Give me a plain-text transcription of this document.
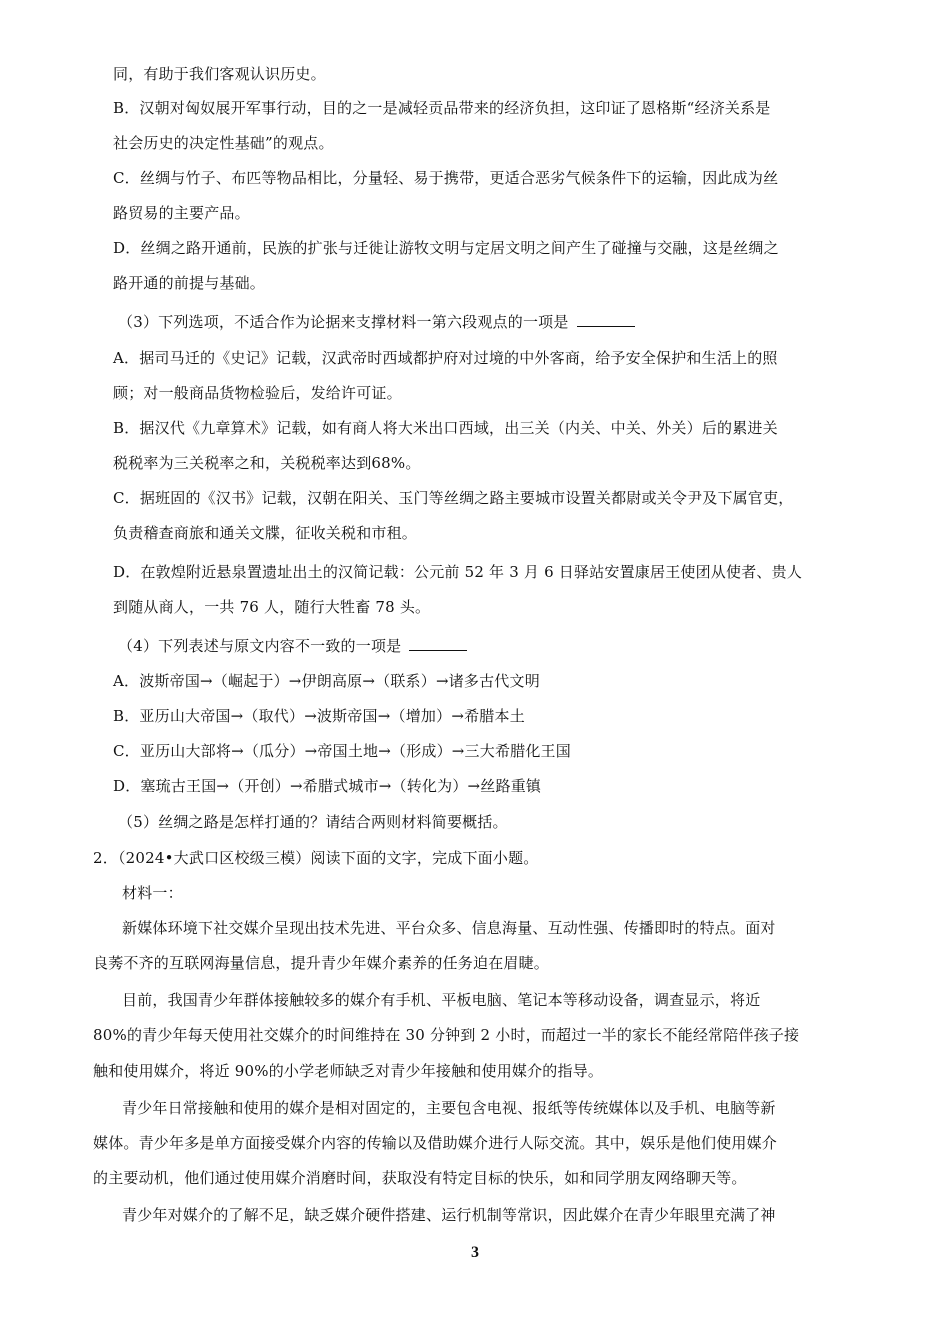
同，有助于我们客观认识历史。
B．汉朝对匈奴展开军事行动，目的之一是减轻贡品带来的经济负担，这印证了恩格斯“经济关系是
社会历史的决定性基础”的观点。
C．丝绸与竹子、布匹等物品相比，分量轻、易于携带，更适合恶劣气候条件下的运输，因此成为丝
路贸易的主要产品。
D．丝绸之路开通前，民族的扩张与迁徙让游牧文明与定居文明之间产生了碰撞与交融，这是丝绸之
路开通的前提与基础。
（3）下列选项，不适合作为论据来支撑材料一第六段观点的一项是
A．据司马迁的《史记》记载，汉武帝时西域都护府对过境的中外客商，给予安全保护和生活上的照
顾；对一般商品货物检验后，发给许可证。
B．据汉代《九章算术》记载，如有商人将大米出口西域，出三关（内关、中关、外关）后的累进关
税税率为三关税率之和，关税税率达到68%。
C．据班固的《汉书》记载，汉朝在阳关、玉门等丝绸之路主要城市设置关都尉或关令尹及下属官吏，
负责稽查商旅和通关文牒，征收关税和市租。
D．在敦煌附近悬泉置遗址出土的汉简记载：公元前 52 年 3 月 6 日驿站安置康居王使团从使者、贵人
到随从商人，一共 76 人，随行大牲畜 78 头。
（4）下列表述与原文内容不一致的一项是
A．波斯帝国→（崛起于）→伊朗高原→（联系）→诸多古代文明
B．亚历山大帝国→（取代）→波斯帝国→（增加）→希腊本土
C．亚历山大部将→（瓜分）→帝国土地→（形成）→三大希腊化王国
D．塞琉古王国→（开创）→希腊式城市→（转化为）→丝路重镇
（5）丝绸之路是怎样打通的？请结合两则材料简要概括。
2．（2024•大武口区校级三模）阅读下面的文字，完成下面小题。
材料一：
新媒体环境下社交媒介呈现出技术先进、平台众多、信息海量、互动性强、传播即时的特点。面对
良莠不齐的互联网海量信息，提升青少年媒介素养的任务迫在眉睫。
目前，我国青少年群体接触较多的媒介有手机、平板电脑、笔记本等移动设备，调查显示，将近
80%的青少年每天使用社交媒介的时间维持在 30 分钟到 2 小时，而超过一半的家长不能经常陪伴孩子接
触和使用媒介，将近 90%的小学老师缺乏对青少年接触和使用媒介的指导。
青少年日常接触和使用的媒介是相对固定的，主要包含电视、报纸等传统媒体以及手机、电脑等新
媒体。青少年多是单方面接受媒介内容的传输以及借助媒介进行人际交流。其中，娱乐是他们使用媒介
的主要动机，他们通过使用媒介消磨时间，获取没有特定目标的快乐，如和同学朋友网络聊天等。
青少年对媒介的了解不足，缺乏媒介硬件搭建、运行机制等常识，因此媒介在青少年眼里充满了神
3
